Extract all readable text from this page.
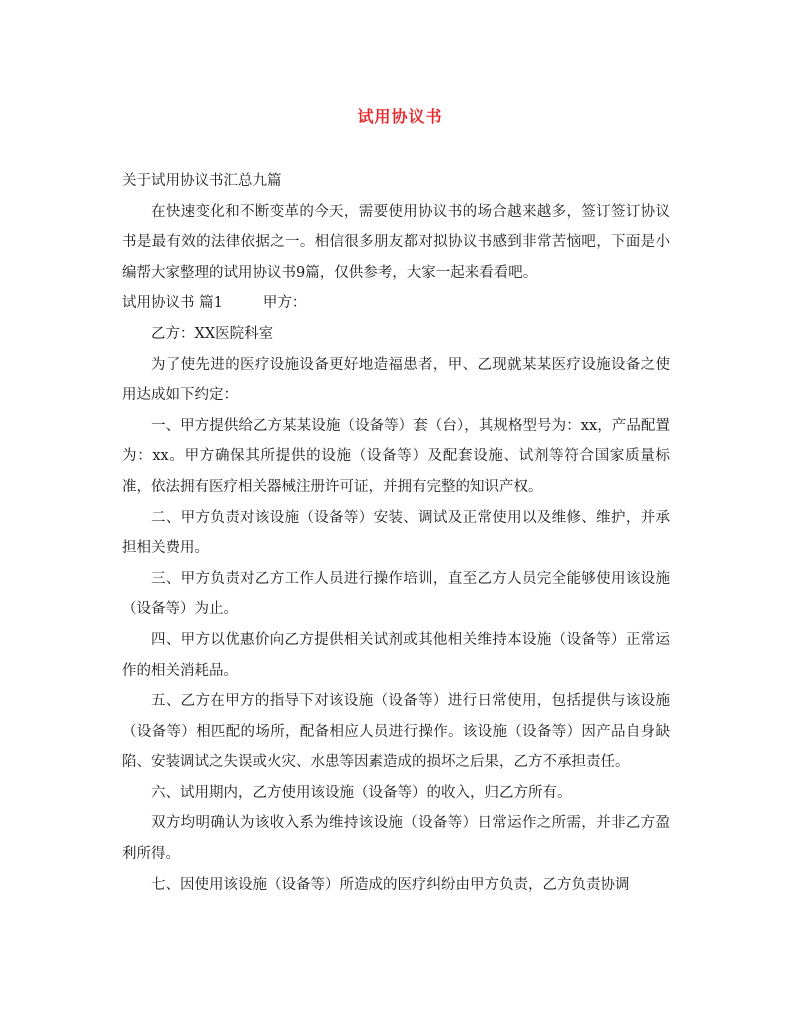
试用协议书

关于试用协议书汇总九篇

在快速变化和不断变革的今天，需要使用协议书的场合越来越多，签订签订协议书是最有效的法律依据之一。相信很多朋友都对拟协议书感到非常苦恼吧，下面是小编帮大家整理的试用协议书9篇，仅供参考，大家一起来看看吧。

试用协议书 篇1	甲方：

乙方：XX医院科室

为了使先进的医疗设施设备更好地造福患者，甲、乙现就某某医疗设施设备之使用达成如下约定：

一、甲方提供给乙方某某设施（设备等）套（台），其规格型号为：xx，产品配置为：xx。甲方确保其所提供的设施（设备等）及配套设施、试剂等符合国家质量标准，依法拥有医疗相关器械注册许可证，并拥有完整的知识产权。

二、甲方负责对该设施（设备等）安装、调试及正常使用以及维修、维护，并承担相关费用。

三、甲方负责对乙方工作人员进行操作培训，直至乙方人员完全能够使用该设施（设备等）为止。

四、甲方以优惠价向乙方提供相关试剂或其他相关维持本设施（设备等）正常运作的相关消耗品。

五、乙方在甲方的指导下对该设施（设备等）进行日常使用，包括提供与该设施（设备等）相匹配的场所，配备相应人员进行操作。该设施（设备等）因产品自身缺陷、安装调试之失误或火灾、水患等因素造成的损坏之后果，乙方不承担责任。

六、试用期内，乙方使用该设施（设备等）的收入，归乙方所有。

双方均明确认为该收入系为维持该设施（设备等）日常运作之所需，并非乙方盈利所得。

七、因使用该设施（设备等）所造成的医疗纠纷由甲方负责，乙方负责协调
